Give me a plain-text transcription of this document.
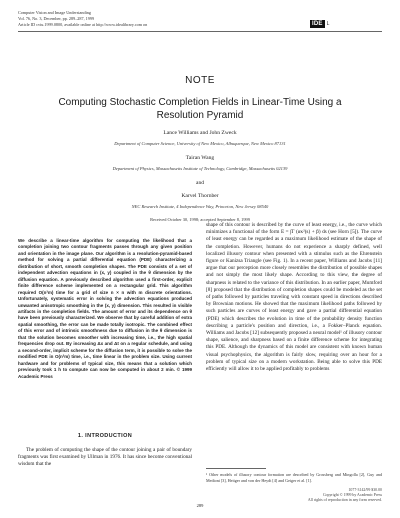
Computer Vision and Image Understanding
Vol. 76, No. 3, December, pp. 289–287, 1999
Article ID cviu.1999.0800, available online at http://www.idealibrary.com on	IDE L
NOTE
Computing Stochastic Completion Fields in Linear-Time Using a Resolution Pyramid
Lance Williams and John Zweck
Department of Computer Science, University of New Mexico, Albuquerque, New Mexico 87131
Tairan Wang
Department of Physics, Massachusetts Institute of Technology, Cambridge, Massachusetts 02139
and
Karvel Thornber
NEC Research Institute, 4 Independence Way, Princeton, New Jersey 08540
Received October 30, 1998; accepted September 8, 1999
We describe a linear-time algorithm for computing the likelihood that a completion joining two contour fragments passes through any given position and orientation in the image plane. Our algorithm is a resolution-pyramid-based method for solving a partial differential equation (PDE) characterizing a distribution of short, smooth completion shapes. The PDE consists of a set of independent advection equations in (x, y) coupled in the θ dimension by the diffusion equation. A previously described algorithm used a first-order, explicit finite difference scheme implemented on a rectangular grid. This algorithm required O(n³m) time for a grid of size n × n with m discrete orientations. Unfortunately, systematic error in solving the advection equations produced unwanted anisotropic smoothing in the (x, y) dimension. This resulted in visible artifacts in the completion fields. The amount of error and its dependence on θ have been previously characterized. We observe that by careful addition of extra spatial smoothing, the error can be made totally isotropic. The combined effect of this error and of intrinsic smoothness due to diffusion in the θ dimension is that the solution becomes smoother with increasing time, i.e., the high spatial frequencies drop out. By increasing Δx and Δt on a regular schedule, and using a second-order, implicit scheme for the diffusion term, it is possible to solve the modified PDE in O(n²m) time, i.e., time linear in the problem size. Using current hardware and for problems of typical size, this means that a solution which previously took 1 h to compute can now be computed in about 2 min. © 1999 Academic Press
1. INTRODUCTION
The problem of computing the shape of the contour joining a pair of boundary fragments was first examined by Ullman in 1976. It has since become conventional wisdom that the
shape of this contour is described by the curve of least energy, i.e., the curve which minimizes a functional of the form E = ∫Γ (ακ²(s) + β) ds (see Horn [5]). The curve of least energy can be regarded as a maximum likelihood estimate of the shape of the completion. However, humans do not experience a sharply defined, well localized illusory contour when presented with a stimulus such as the Ehrenstein figure or Kanizsa Triangle (see Fig. 1). In a recent paper, Williams and Jacobs [11] argue that our perception more closely resembles the distribution of possible shapes and not simply the most likely shape. According to this view, the degree of sharpness is related to the variance of this distribution. In an earlier paper, Mumford [8] proposed that the distribution of completion shapes could be modeled as the set of paths followed by particles traveling with constant speed in directions described by Brownian motions. He showed that the maximum likelihood paths followed by such particles are curves of least energy and gave a partial differential equation (PDE) which describes the evolution in time of the probability density function describing a particle's position and direction, i.e., a Fokker–Planck equation. Williams and Jacobs [12] subsequently proposed a neural model¹ of illusory contour shape, salience, and sharpness based on a finite difference scheme for integrating this PDE. Although the dynamics of this model are consistent with known human visual psychophysics, the algorithm is fairly slow, requiring over an hour for a problem of typical size on a modern workstation. Being able to solve this PDE efficiently will allow it to be applied profitably to problems
¹ Other models of illusory contour formation are described by Grossberg and Mingolla [2], Guy and Medioni [3], Heitger and von der Heydt [4] and Geiger et al. [1].
289
1077-3142/99 $30.00
Copyright © 1999 by Academic Press
All rights of reproduction in any form reserved.
